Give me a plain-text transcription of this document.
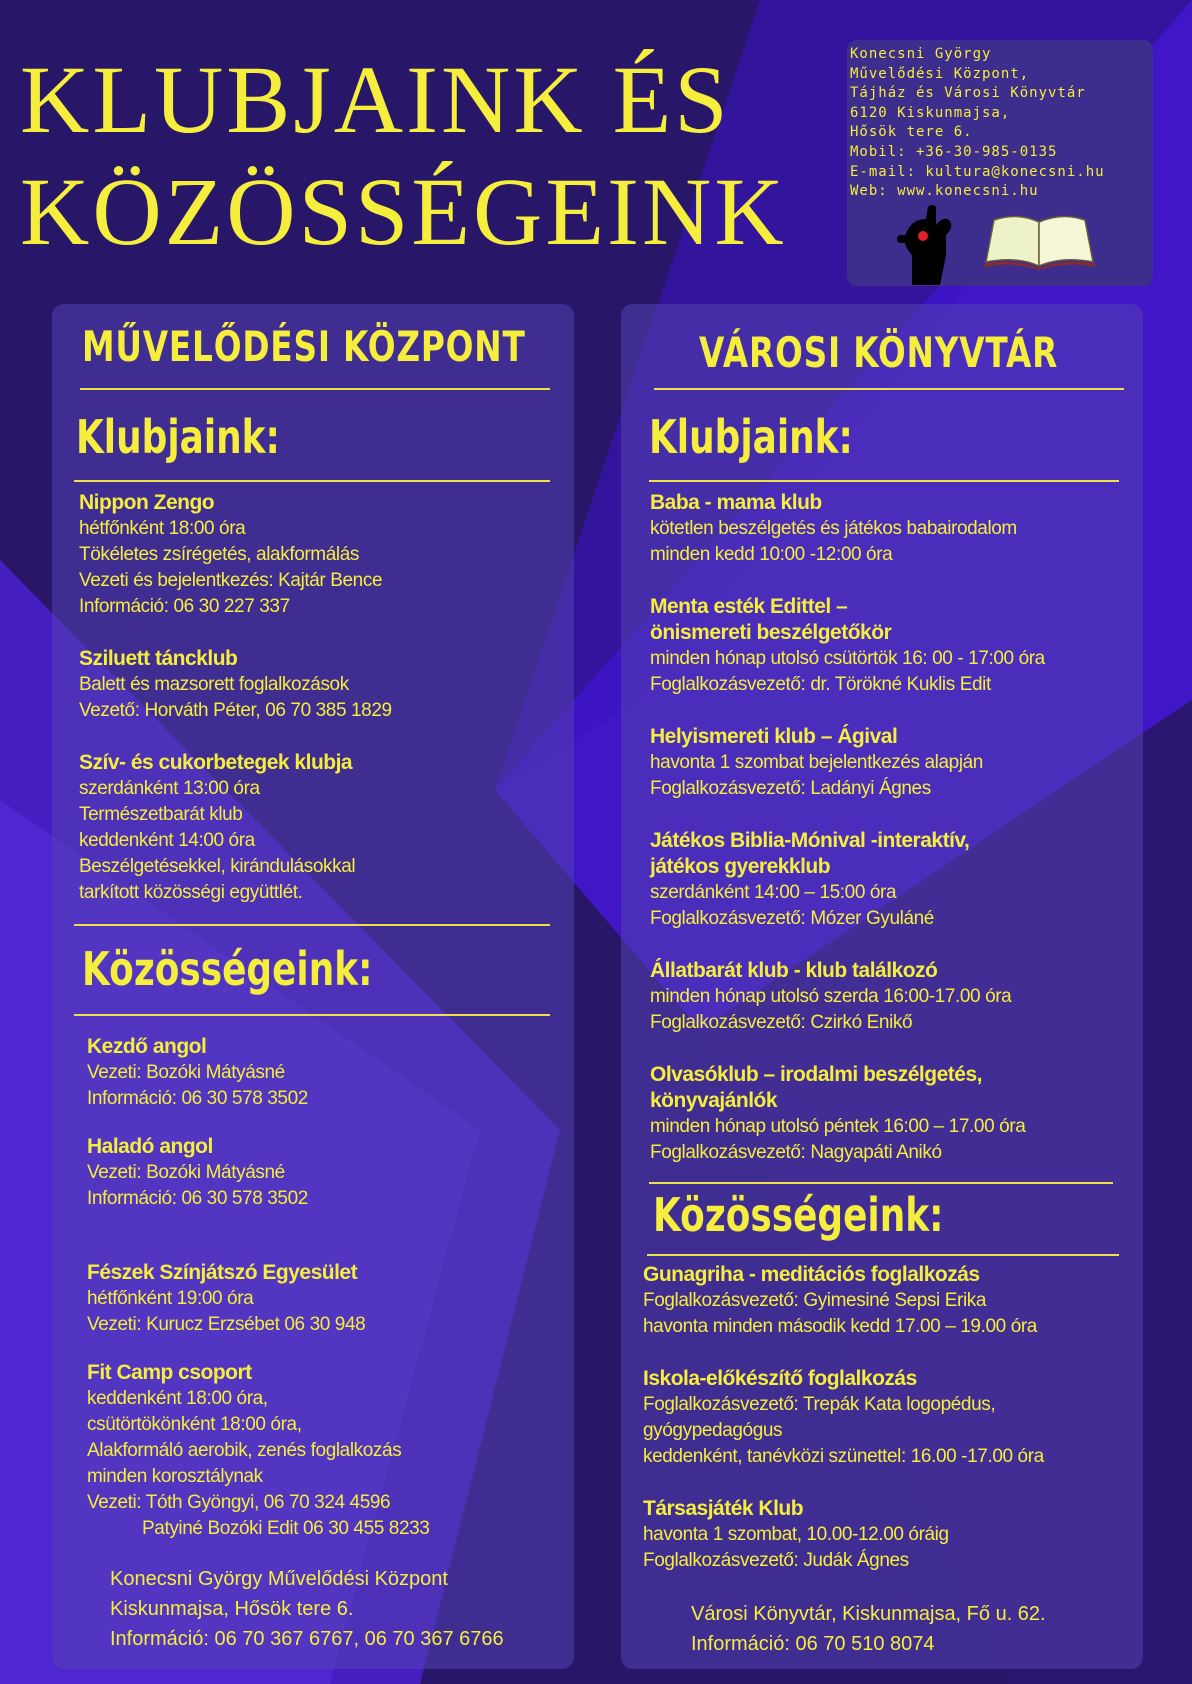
KLUBJAINK ÉS
KÖZÖSSÉGEINK
Konecsni György
Művelődési Központ,
Tájház és Városi Könyvtár
6120 Kiskunmajsa,
Hősök tere 6.
Mobil: +36-30-985-0135
E-mail: kultura@konecsni.hu
Web: www.konecsni.hu
MŰVELŐDÉSI KÖZPONT
Klubjaink:
Nippon Zengo
hétfőnként 18:00 óra
Tökéletes zsírégetés, alakformálás
Vezeti és bejelentkezés: Kajtár Bence
Információ: 06 30 227 337
Sziluett táncklub
Balett és mazsorett foglalkozások
Vezető: Horváth Péter, 06 70 385 1829
Szív- és cukorbetegek klubja
szerdánként 13:00 óra
Természetbarát klub
keddenként 14:00 óra
Beszélgetésekkel, kirándulásokkal
tarkított közösségi együttlét.
Közösségeink:
Kezdő angol
Vezeti: Bozóki Mátyásné
Információ: 06 30 578 3502
Haladó angol
Vezeti: Bozóki Mátyásné
Információ: 06 30 578 3502
Fészek Színjátszó Egyesület
hétfőnként 19:00 óra
Vezeti: Kurucz Erzsébet 06 30 948
Fit Camp csoport
keddenként 18:00 óra,
csütörtökönként 18:00 óra,
Alakformáló aerobik, zenés foglalkozás
minden korosztálynak
Vezeti: Tóth Gyöngyi, 06 70 324 4596
Patyiné Bozóki Edit 06 30 455 8233
Konecsni György Művelődési Központ
Kiskunmajsa, Hősök tere 6.
Információ: 06 70 367 6767, 06 70 367 6766
VÁROSI KÖNYVTÁR
Klubjaink:
Baba - mama klub
kötetlen beszélgetés és játékos babairodalom
minden kedd 10:00 -12:00 óra
Menta esték Edittel –
önismereti beszélgetőkör
minden hónap utolsó csütörtök 16: 00 - 17:00 óra
Foglalkozásvezető: dr. Törökné Kuklis Edit
Helyismereti klub – Ágival
havonta 1 szombat bejelentkezés alapján
Foglalkozásvezető: Ladányi Ágnes
Játékos Biblia-Mónival -interaktív,
játékos gyerekklub
szerdánként 14:00 – 15:00 óra
Foglalkozásvezető: Mózer Gyuláné
Állatbarát klub - klub találkozó
minden hónap utolsó szerda 16:00-17.00 óra
Foglalkozásvezető: Czirkó Enikő
Olvasóklub – irodalmi beszélgetés,
könyvajánlók
minden hónap utolsó péntek 16:00 – 17.00 óra
Foglalkozásvezető: Nagyapáti Anikó
Közösségeink:
Gunagriha - meditációs foglalkozás
Foglalkozásvezető: Gyimesiné Sepsi Erika
havonta minden második kedd 17.00 – 19.00 óra
Iskola-előkészítő foglalkozás
Foglalkozásvezető: Trepák Kata logopédus,
gyógypedagógus
keddenként, tanévközi szünettel: 16.00 -17.00 óra
Társasjáték Klub
havonta 1 szombat, 10.00-12.00 óráig
Foglalkozásvezető: Judák Ágnes
Városi Könyvtár, Kiskunmajsa, Fő u. 62.
Információ: 06 70 510 8074
